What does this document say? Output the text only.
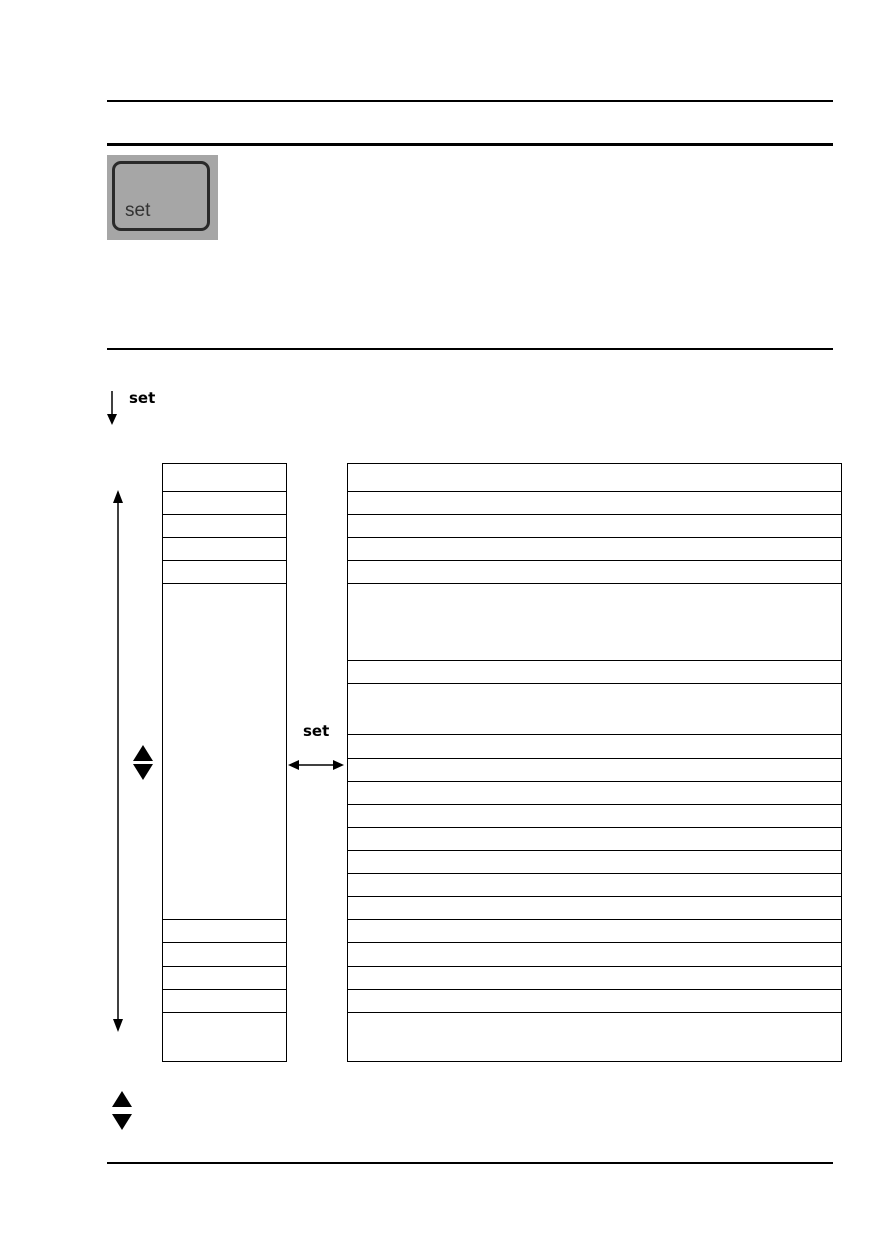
set
set
set
